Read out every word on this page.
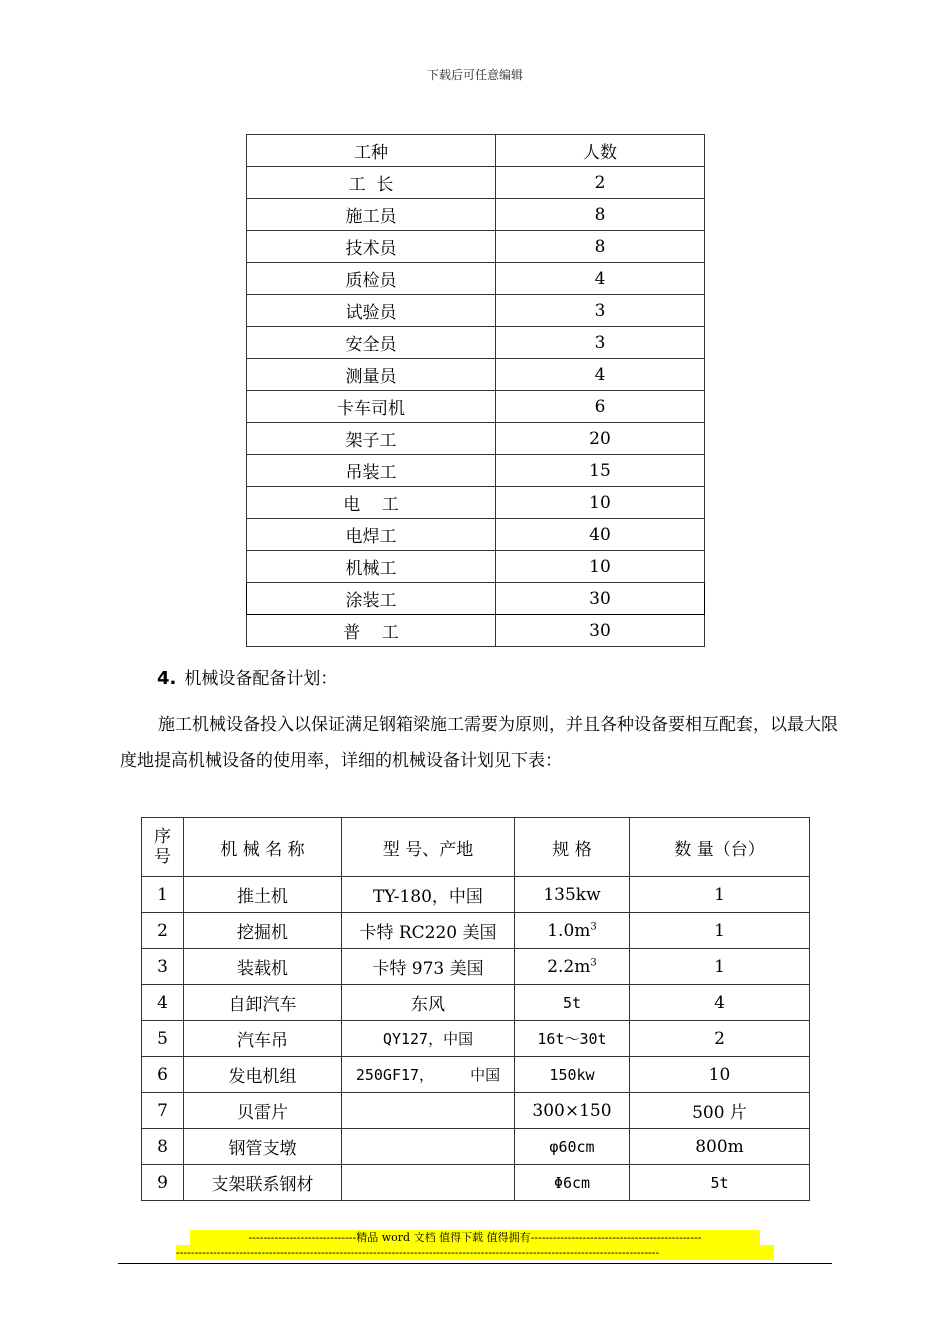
下载后可任意编辑
工种	人数
工  长	2
施工员	8
技术员	8
质检员	4
试验员	3
安全员	3
测量员	4
卡车司机	6
架子工	20
吊装工	15
电    工	10
电焊工	40
机械工	10
涂装工	30
普    工	30
4. 机械设备配备计划：
施工机械设备投入以保证满足钢箱梁施工需要为原则，并且各种设备要相互配套，以最大限度地提高机械设备的使用率，详细的机械设备计划见下表：
序号	机 械 名 称	型 号、产地	规 格	数 量（台）
1	推土机	TY-180，中国	135kw	1
2	挖掘机	卡特 RC220 美国	$1.0m^3$	1
3	装载机	卡特 973 美国	$2.2m^3$	1
4	自卸汽车	东风	5t	4
5	汽车吊	QY127，中国	16t～30t	2
6	发电机组	250GF17，    中国	150kw	10
7	贝雷片		300×150	500 片
8	钢管支墩		φ60cm	800m
9	支架联系钢材		Φ6cm	5t
-----------------------------精品 word 文档 值得下载 值得拥有----------------------------------------------
----------------------------------------------------------------------------------------------------------------------------------
